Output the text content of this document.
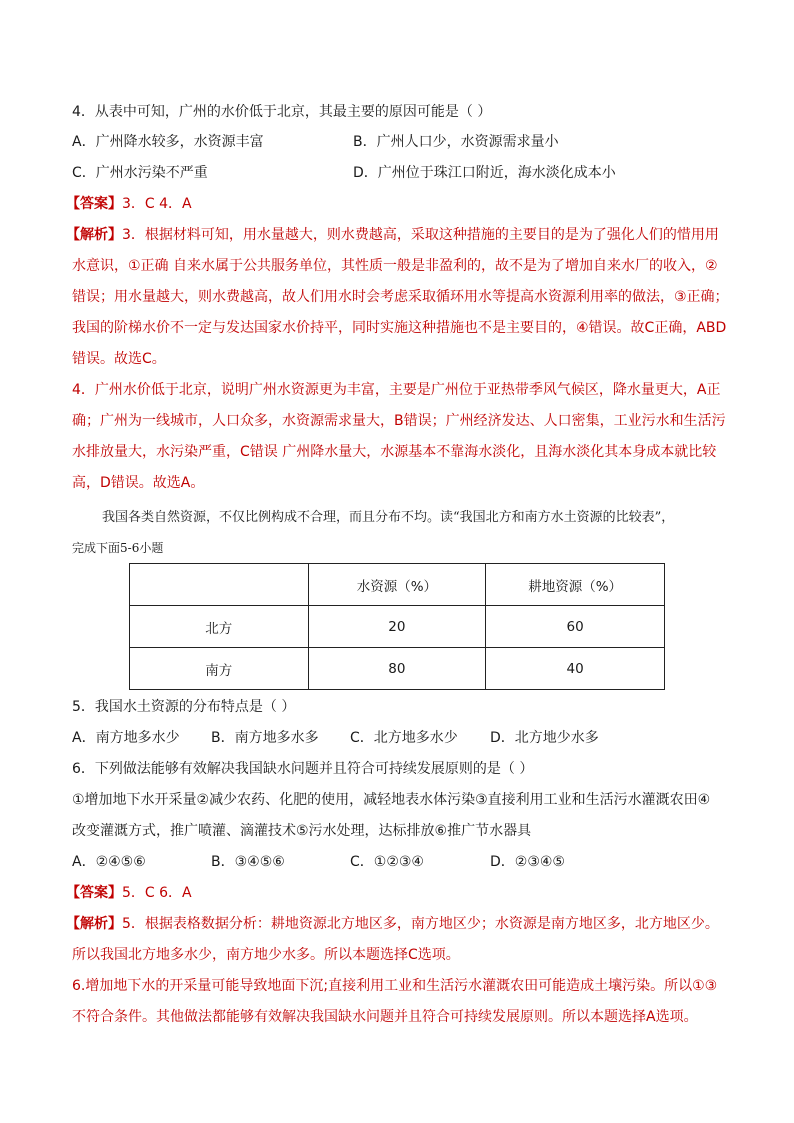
4．从表中可知，广州的水价低于北京，其最主要的原因可能是（ ）
A．广州降水较多，水资源丰富	B．广州人口少，水资源需求量小
C．广州水污染不严重	D．广州位于珠江口附近，海水淡化成本小
【答案】3．C 4．A
【解析】3．根据材料可知，用水量越大，则水费越高，采取这种措施的主要目的是为了强化人们的惜用用
水意识，①正确 自来水属于公共服务单位，其性质一般是非盈利的，故不是为了增加自来水厂的收入，②
错误；用水量越大，则水费越高，故人们用水时会考虑采取循环用水等提高水资源利用率的做法，③正确；
我国的阶梯水价不一定与发达国家水价持平，同时实施这种措施也不是主要目的，④错误。故C正确，ABD
错误。故选C。
4．广州水价低于北京，说明广州水资源更为丰富，主要是广州位于亚热带季风气候区，降水量更大，A正
确；广州为一线城市，人口众多，水资源需求量大，B错误；广州经济发达、人口密集，工业污水和生活污
水排放量大，水污染严重，C错误 广州降水量大，水源基本不靠海水淡化，且海水淡化其本身成本就比较
高，D错误。故选A。
我国各类自然资源，不仅比例构成不合理，而且分布不均。读“我国北方和南方水土资源的比较表”，
完成下面5-6小题
	水资源（%）	耕地资源（%）
北方	20	60
南方	80	40
5．我国水土资源的分布特点是（ ）
A．南方地多水少 B．南方地多水多 C．北方地多水少 D．北方地少水多
6．下列做法能够有效解决我国缺水问题并且符合可持续发展原则的是（ ）
①增加地下水开采量②减少农药、化肥的使用，减轻地表水体污染③直接利用工业和生活污水灌溉农田④
改变灌溉方式，推广喷灌、滴灌技术⑤污水处理，达标排放⑥推广节水器具
A．②④⑤⑥	B．③④⑤⑥	C．①②③④	D．②③④⑤
【答案】5．C 6．A
【解析】5．根据表格数据分析：耕地资源北方地区多，南方地区少；水资源是南方地区多，北方地区少。
所以我国北方地多水少，南方地少水多。所以本题选择C选项。
6.增加地下水的开采量可能导致地面下沉;直接利用工业和生活污水灌溉农田可能造成土壤污染。所以①③
不符合条件。其他做法都能够有效解决我国缺水问题并且符合可持续发展原则。所以本题选择A选项。
